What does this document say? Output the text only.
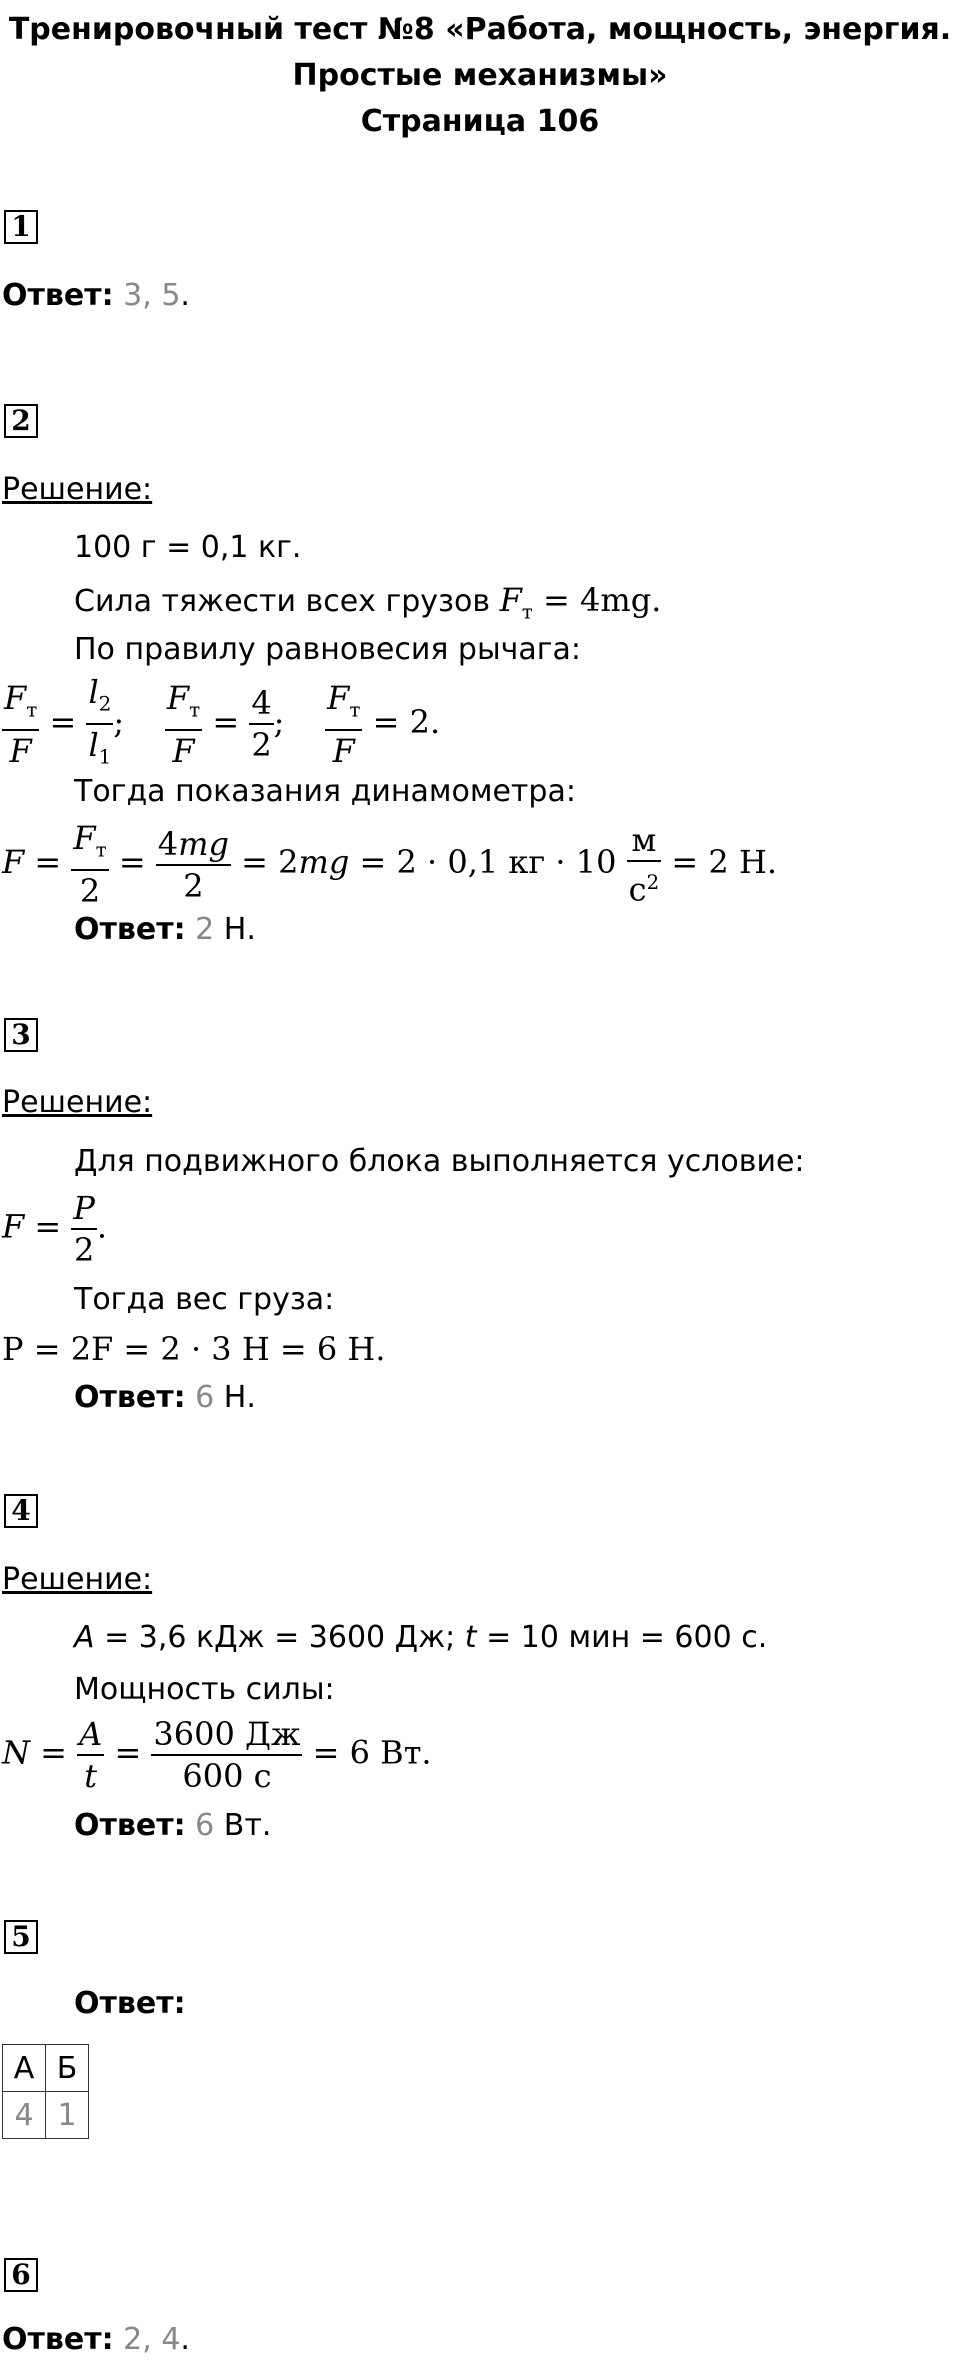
Тренировочный тест №8 «Работа, мощность, энергия.
Простые механизмы»
Страница 106
1
Ответ: 3, 5.
2
Решение:
100 г = 0,1 кг.
Сила тяжести всех грузов $F_т = 4mg$.
По правилу равновесия рычага:
$\frac{F_т}{F} = \frac{l_2}{l_1}$ ; $\frac{F_т}{F} = \frac{4}{2}$ ; $\frac{F_т}{F} = 2$.
Тогда показания динамометра:
$F = \frac{F_т}{2} = \frac{4mg}{2} = 2mg = 2 \cdot 0,1$ кг · $10 \frac{м}{с^2} = 2$ Н.
Ответ: 2 Н.
3
Решение:
Для подвижного блока выполняется условие:
$F = \frac{P}{2}$ .
Тогда вес груза:
P = 2F = 2 · 3 Н = 6 Н.
Ответ: 6 Н.
4
Решение:
A = 3,6 кДж = 3600 Дж; t = 10 мин = 600 с.
Мощность силы:
$N = \frac{A}{t} = \frac{3600 Дж}{600 с} = 6$ Вт.
Ответ: 6 Вт.
5
Ответ:
А	Б
4	1
6
Ответ: 2, 4.
